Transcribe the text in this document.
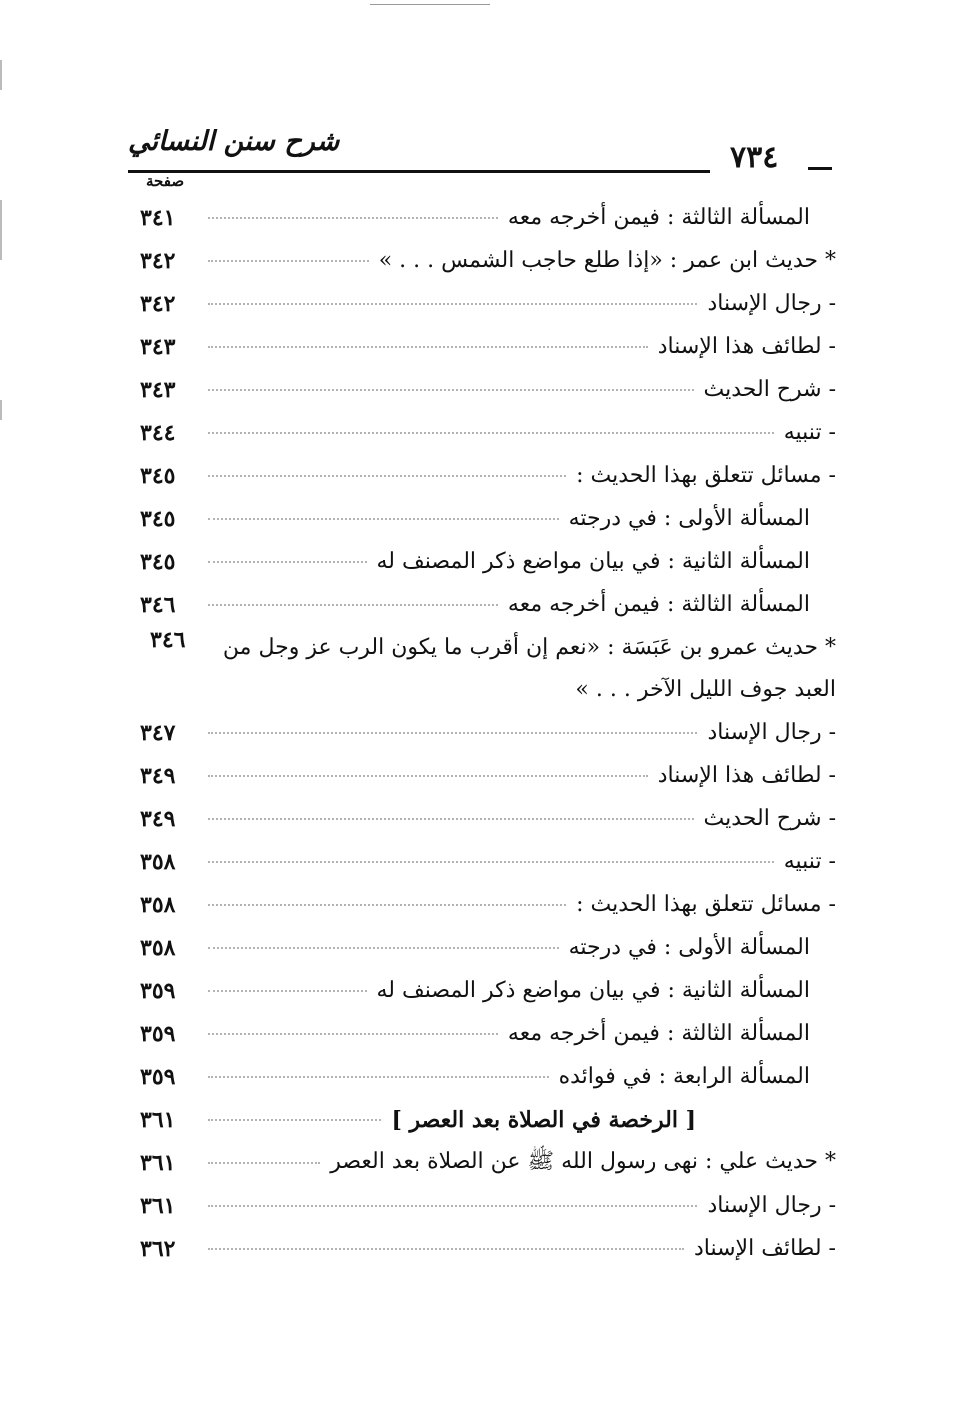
٧٣٤
شرح سنن النسائي
صفحة
المسألة الثالثة : فيمن أخرجه معه
٣٤١
* حديث ابن عمر : «إذا طلع حاجب الشمس . . . »
٣٤٢
- رجال الإسناد
٣٤٢
- لطائف هذا الإسناد
٣٤٣
- شرح الحديث
٣٤٣
- تنبيه
٣٤٤
- مسائل تتعلق بهذا الحديث :
٣٤٥
المسألة الأولى : في درجته
٣٤٥
المسألة الثانية : في بيان مواضع ذكر المصنف له
٣٤٥
المسألة الثالثة : فيمن أخرجه معه
٣٤٦
* حديث عمرو بن عَبَسَة : «نعم إن أقرب ما يكون الرب عز وجل من العبد جوف الليل الآخر . . . »
٣٤٦
- رجال الإسناد
٣٤٧
- لطائف هذا الإسناد
٣٤٩
- شرح الحديث
٣٤٩
- تنبيه
٣٥٨
- مسائل تتعلق بهذا الحديث :
٣٥٨
المسألة الأولى : في درجته
٣٥٨
المسألة الثانية : في بيان مواضع ذكر المصنف له
٣٥٩
المسألة الثالثة : فيمن أخرجه معه
٣٥٩
المسألة الرابعة : في فوائده
٣٥٩
[ الرخصة في الصلاة بعد العصر ]
٣٦١
* حديث علي : نهى رسول الله ﷺ عن الصلاة بعد العصر
٣٦١
- رجال الإسناد
٣٦١
- لطائف الإسناد
٣٦٢
